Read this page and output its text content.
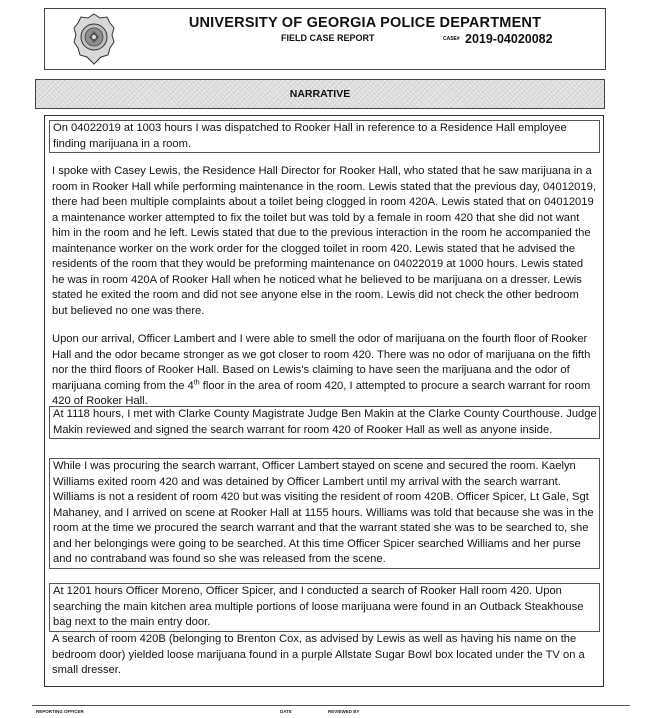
UNIVERSITY OF GEORGIA POLICE DEPARTMENT
FIELD CASE REPORT	CASE# 2019-04020082
NARRATIVE
On 04022019 at 1003 hours I was dispatched to Rooker Hall in reference to a Residence Hall employee finding marijuana in a room.
I spoke with Casey Lewis, the Residence Hall Director for Rooker Hall, who stated that he saw marijuana in a room in Rooker Hall while performing maintenance in the room. Lewis stated that the previous day, 04012019, there had been multiple complaints about a toilet being clogged in room 420A. Lewis stated that on 04012019 a maintenance worker attempted to fix the toilet but was told by a female in room 420 that she did not want him in the room and he left. Lewis stated that due to the previous interaction in the room he accompanied the maintenance worker on the work order for the clogged toilet in room 420. Lewis stated that he advised the residents of the room that they would be preforming maintenance on 04022019 at 1000 hours. Lewis stated he was in room 420A of Rooker Hall when he noticed what he believed to be marijuana on a dresser. Lewis stated he exited the room and did not see anyone else in the room. Lewis did not check the other bedroom but believed no one was there.
Upon our arrival, Officer Lambert and I were able to smell the odor of marijuana on the fourth floor of Rooker Hall and the odor became stronger as we got closer to room 420. There was no odor of marijuana on the fifth nor the third floors of Rooker Hall. Based on Lewis's claiming to have seen the marijuana and the odor of marijuana coming from the 4th floor in the area of room 420, I attempted to procure a search warrant for room 420 of Rooker Hall.
At 1118 hours, I met with Clarke County Magistrate Judge Ben Makin at the Clarke County Courthouse. Judge Makin reviewed and signed the search warrant for room 420 of Rooker Hall as well as anyone inside.
While I was procuring the search warrant, Officer Lambert stayed on scene and secured the room. Kaelyn Williams exited room 420 and was detained by Officer Lambert until my arrival with the search warrant. Williams is not a resident of room 420 but was visiting the resident of room 420B. Officer Spicer, Lt Gale, Sgt Mahaney, and I arrived on scene at Rooker Hall at 1155 hours. Williams was told that because she was in the room at the time we procured the search warrant and that the warrant stated she was to be searched to, she and her belongings were going to be searched. At this time Officer Spicer searched Williams and her purse and no contraband was found so she was released from the scene.
At 1201 hours Officer Moreno, Officer Spicer, and I conducted a search of Rooker Hall room 420. Upon searching the main kitchen area multiple portions of loose marijuana were found in an Outback Steakhouse bag next to the main entry door.
A search of room 420B (belonging to Brenton Cox, as advised by Lewis as well as having his name on the bedroom door) yielded loose marijuana found in a purple Allstate Sugar Bowl box located under the TV on a small dresser.
REPORTING OFFICER	DATE	REVIEWED BY
